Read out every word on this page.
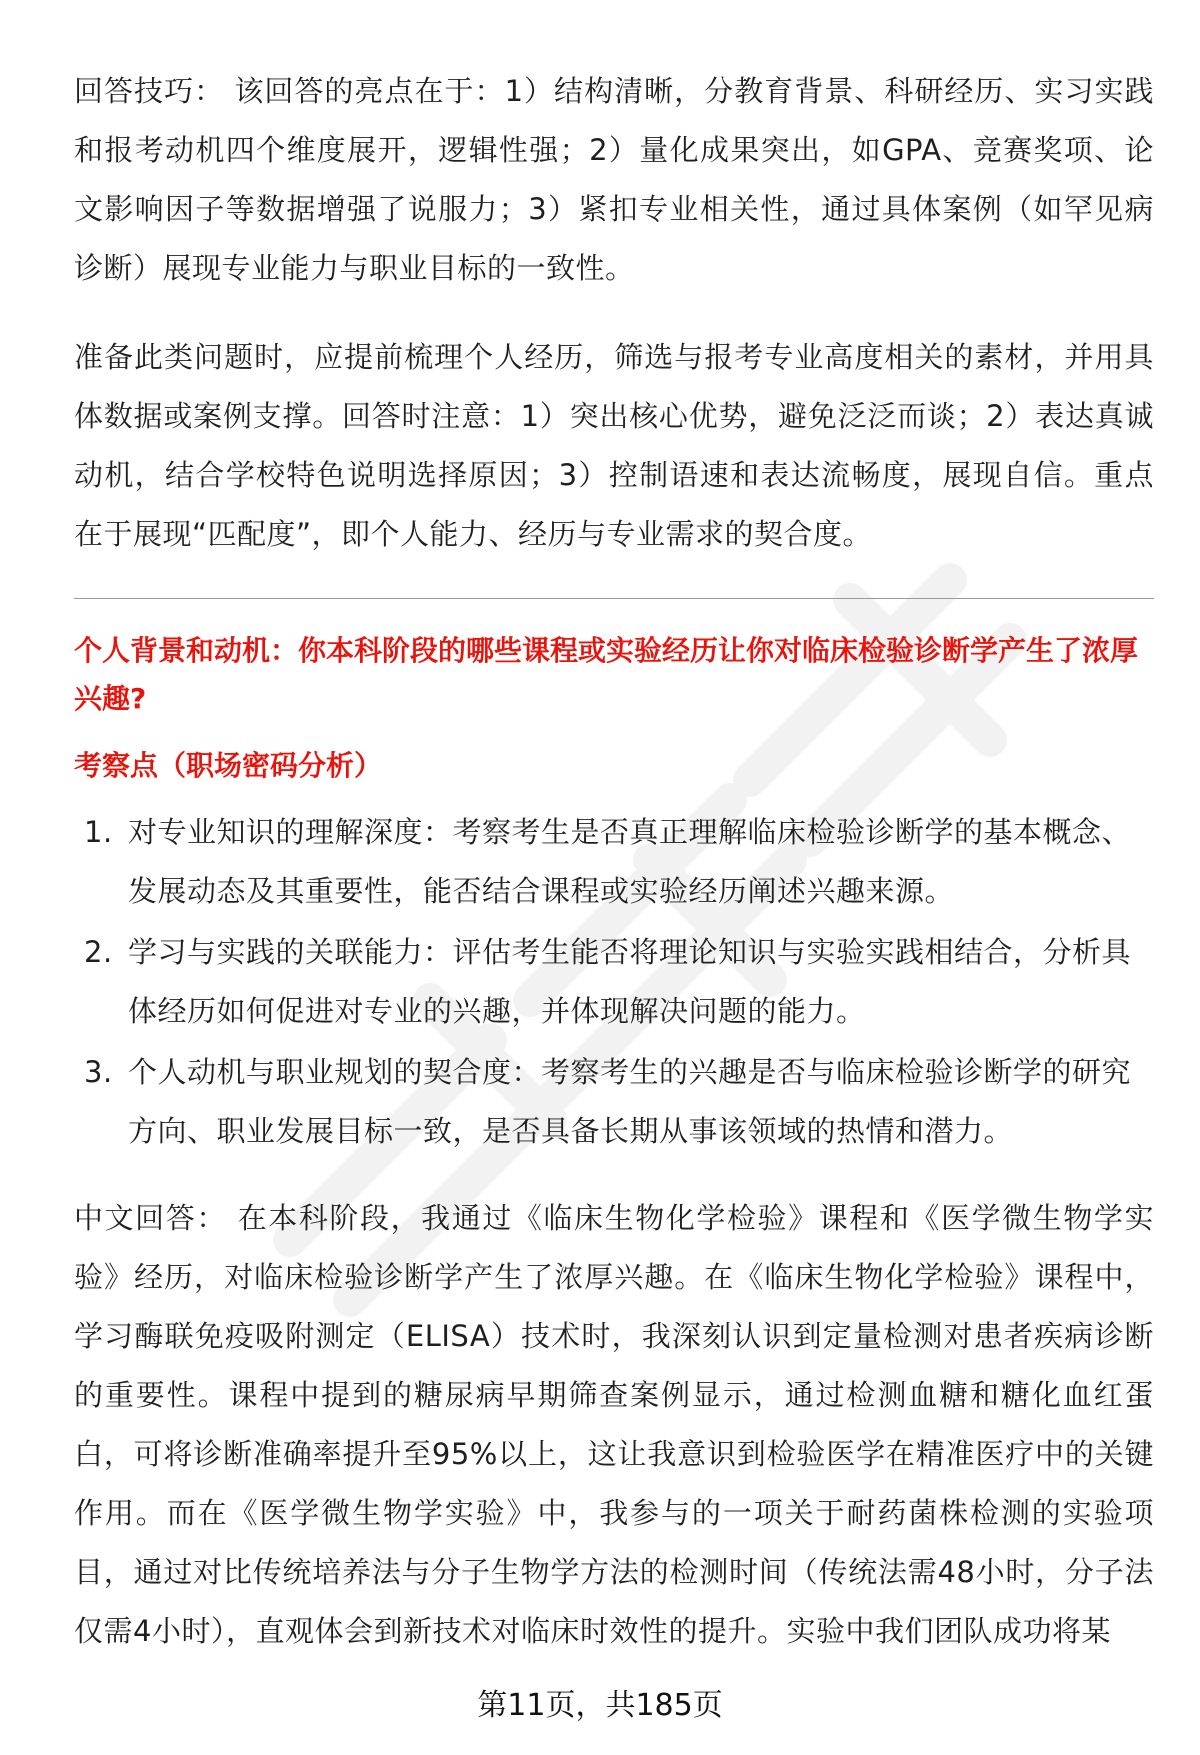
回答技巧： 该回答的亮点在于：1）结构清晰，分教育背景、科研经历、实习实践和报考动机四个维度展开，逻辑性强；2）量化成果突出，如GPA、竞赛奖项、论文影响因子等数据增强了说服力；3）紧扣专业相关性，通过具体案例（如罕见病诊断）展现专业能力与职业目标的一致性。

准备此类问题时，应提前梳理个人经历，筛选与报考专业高度相关的素材，并用具体数据或案例支撑。回答时注意：1）突出核心优势，避免泛泛而谈；2）表达真诚动机，结合学校特色说明选择原因；3）控制语速和表达流畅度，展现自信。重点在于展现“匹配度”，即个人能力、经历与专业需求的契合度。

个人背景和动机：你本科阶段的哪些课程或实验经历让你对临床检验诊断学产生了浓厚兴趣?
考察点（职场密码分析）
1. 对专业知识的理解深度：考察考生是否真正理解临床检验诊断学的基本概念、发展动态及其重要性，能否结合课程或实验经历阐述兴趣来源。
2. 学习与实践的关联能力：评估考生能否将理论知识与实验实践相结合，分析具体经历如何促进对专业的兴趣，并体现解决问题的能力。
3. 个人动机与职业规划的契合度：考察考生的兴趣是否与临床检验诊断学的研究方向、职业发展目标一致，是否具备长期从事该领域的热情和潜力。

中文回答： 在本科阶段，我通过《临床生物化学检验》课程和《医学微生物学实验》经历，对临床检验诊断学产生了浓厚兴趣。在《临床生物化学检验》课程中，学习酶联免疫吸附测定（ELISA）技术时，我深刻认识到定量检测对患者疾病诊断的重要性。课程中提到的糖尿病早期筛查案例显示，通过检测血糖和糖化血红蛋白，可将诊断准确率提升至95%以上，这让我意识到检验医学在精准医疗中的关键作用。而在《医学微生物学实验》中，我参与的一项关于耐药菌株检测的实验项目，通过对比传统培养法与分子生物学方法的检测时间（传统法需48小时，分子法仅需4小时），直观体会到新技术对临床时效性的提升。实验中我们团队成功将某

第11页，共185页
